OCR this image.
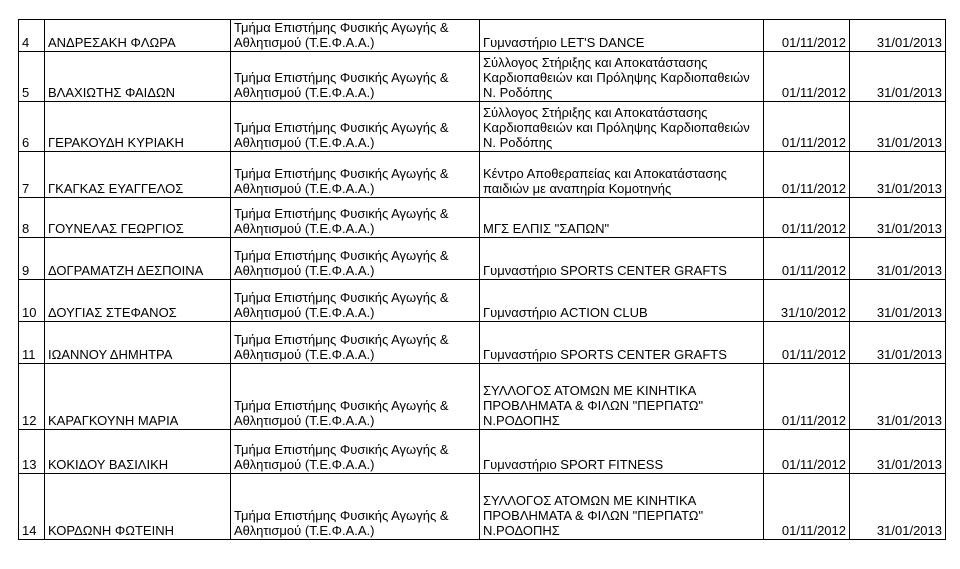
4	ΑΝΔΡΕΣΑΚΗ ΦΛΩΡΑ	Τμήμα Επιστήμης Φυσικής Αγωγής &
Αθλητισμού (Τ.Ε.Φ.Α.Α.)	Γυμναστήριο LET'S DANCE	01/11/2012	31/01/2013
5	ΒΛΑΧΙΩΤΗΣ ΦΑΙΔΩΝ	Τμήμα Επιστήμης Φυσικής Αγωγής &
Αθλητισμού (Τ.Ε.Φ.Α.Α.)	Σύλλογος Στήριξης και Αποκατάστασης
Καρδιοπαθειών και Πρόληψης Καρδιοπαθειών
Ν. Ροδόπης	01/11/2012	31/01/2013
6	ΓΕΡΑΚΟΥΔΗ ΚΥΡΙΑΚΗ	Τμήμα Επιστήμης Φυσικής Αγωγής &
Αθλητισμού (Τ.Ε.Φ.Α.Α.)	Σύλλογος Στήριξης και Αποκατάστασης
Καρδιοπαθειών και Πρόληψης Καρδιοπαθειών
Ν. Ροδόπης	01/11/2012	31/01/2013
7	ΓΚΑΓΚΑΣ ΕΥΑΓΓΕΛΟΣ	Τμήμα Επιστήμης Φυσικής Αγωγής &
Αθλητισμού (Τ.Ε.Φ.Α.Α.)	Κέντρο Αποθεραπείας και Αποκατάστασης
παιδιών με αναπηρία Κομοτηνής	01/11/2012	31/01/2013
8	ΓΟΥΝΕΛΑΣ ΓΕΩΡΓΙΟΣ	Τμήμα Επιστήμης Φυσικής Αγωγής &
Αθλητισμού (Τ.Ε.Φ.Α.Α.)	ΜΓΣ ΕΛΠΙΣ "ΣΑΠΩΝ"	01/11/2012	31/01/2013
9	ΔΟΓΡΑΜΑΤΖΗ ΔΕΣΠΟΙΝΑ	Τμήμα Επιστήμης Φυσικής Αγωγής &
Αθλητισμού (Τ.Ε.Φ.Α.Α.)	Γυμναστήριο SPORTS CENTER GRAFTS	01/11/2012	31/01/2013
10	ΔΟΥΓΙΑΣ ΣΤΕΦΑΝΟΣ	Τμήμα Επιστήμης Φυσικής Αγωγής &
Αθλητισμού (Τ.Ε.Φ.Α.Α.)	Γυμναστήριο ACTION CLUB	31/10/2012	31/01/2013
11	ΙΩΑΝΝΟΥ ΔΗΜΗΤΡΑ	Τμήμα Επιστήμης Φυσικής Αγωγής &
Αθλητισμού (Τ.Ε.Φ.Α.Α.)	Γυμναστήριο SPORTS CENTER GRAFTS	01/11/2012	31/01/2013
12	ΚΑΡΑΓΚΟΥΝΗ ΜΑΡΙΑ	Τμήμα Επιστήμης Φυσικής Αγωγής &
Αθλητισμού (Τ.Ε.Φ.Α.Α.)	ΣΥΛΛΟΓΟΣ ΑΤΟΜΩΝ ΜΕ ΚΙΝΗΤΙΚΑ
ΠΡΟΒΛΗΜΑΤΑ & ΦΙΛΩΝ "ΠΕΡΠΑΤΩ"
Ν.ΡΟΔΟΠΗΣ	01/11/2012	31/01/2013
13	ΚΟΚΙΔΟΥ ΒΑΣΙΛΙΚΗ	Τμήμα Επιστήμης Φυσικής Αγωγής &
Αθλητισμού (Τ.Ε.Φ.Α.Α.)	Γυμναστήριο SPORT FITNESS	01/11/2012	31/01/2013
14	ΚΟΡΔΩΝΗ ΦΩΤΕΙΝΗ	Τμήμα Επιστήμης Φυσικής Αγωγής &
Αθλητισμού (Τ.Ε.Φ.Α.Α.)	ΣΥΛΛΟΓΟΣ ΑΤΟΜΩΝ ΜΕ ΚΙΝΗΤΙΚΑ
ΠΡΟΒΛΗΜΑΤΑ & ΦΙΛΩΝ "ΠΕΡΠΑΤΩ"
Ν.ΡΟΔΟΠΗΣ	01/11/2012	31/01/2013
